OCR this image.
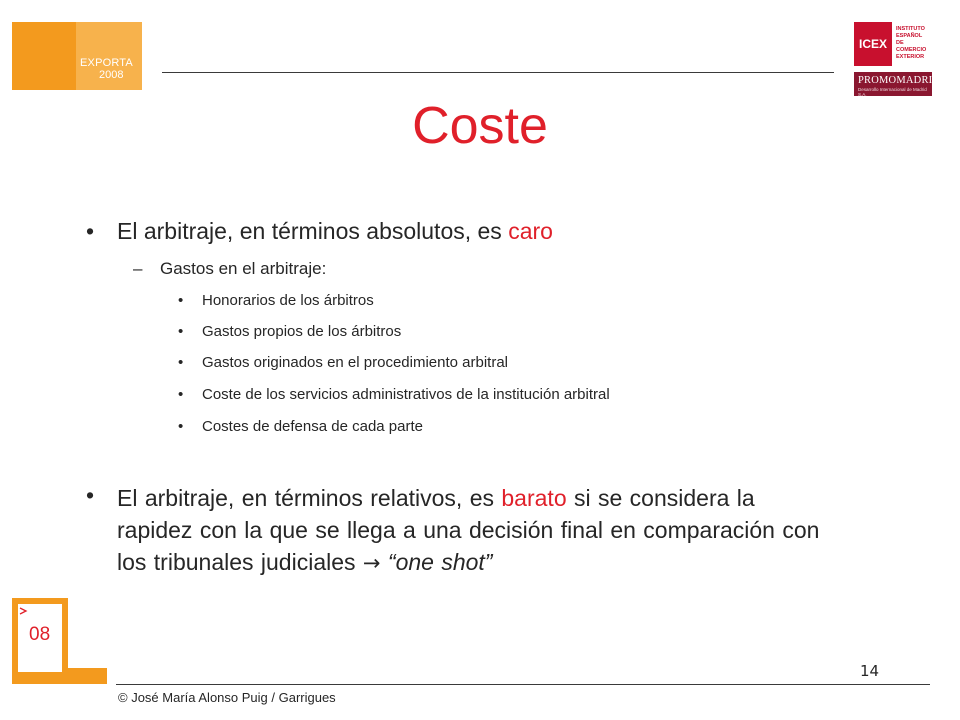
EXPORTA
2008
ICEX
INSTITUTO
ESPAÑOL
DE COMERCIO
EXTERIOR
PROMOMADRID
Desarrollo Internacional de Madrid S.A.
Coste
• El arbitraje, en términos absolutos, es caro
– Gastos en el arbitraje:
• Honorarios de los árbitros
• Gastos propios de los árbitros
• Gastos originados en el procedimiento arbitral
• Coste de los servicios administrativos de la institución arbitral
• Costes de defensa de cada parte
• El arbitraje, en términos relativos, es barato si se considera la rapidez con la que se llega a una decisión final en comparación con los tribunales judiciales → “one shot”
08
14
© José María Alonso Puig / Garrigues
